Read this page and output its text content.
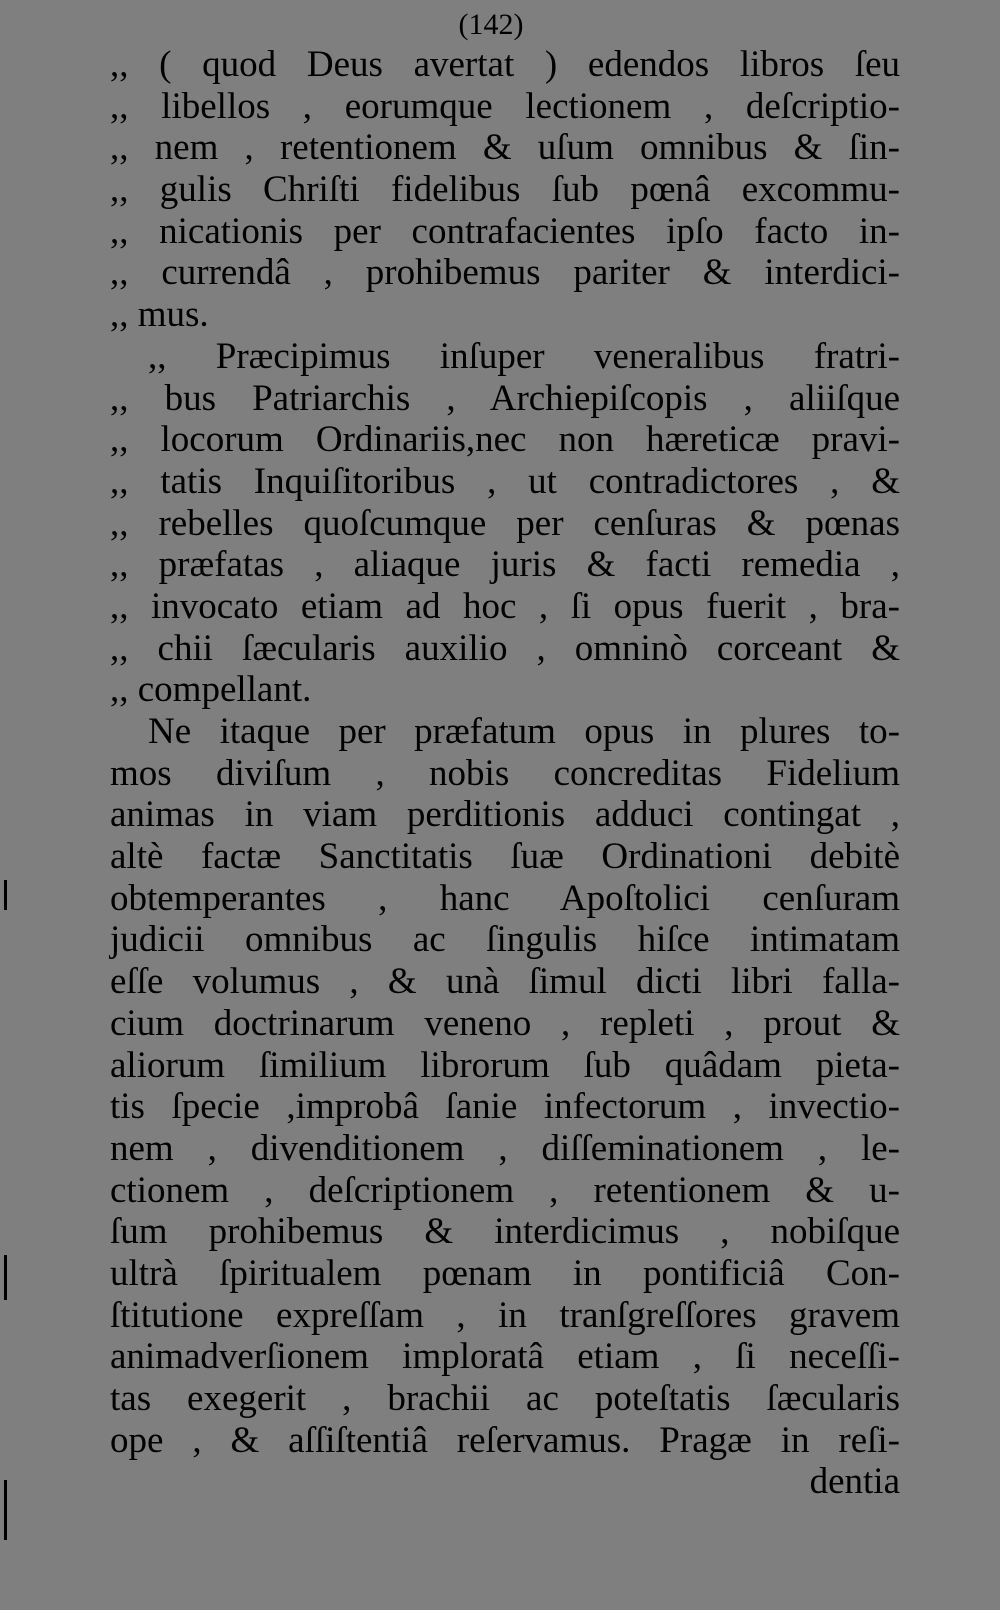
(142)
,, ( quod Deus avertat ) edendos libros ſeu
,, libellos , eorumque lectionem , deſcriptio-
,, nem , retentionem & uſum omnibus & ſin-
,, gulis Chriſti fidelibus ſub pœnâ excommu-
,, nicationis per contrafacientes ipſo facto in-
,, currendâ , prohibemus pariter & interdici-
,, mus.
,, Præcipimus inſuper veneralibus fratri-
,, bus Patriarchis , Archiepiſcopis , aliiſque
,, locorum Ordinariis,nec non hæreticæ pravi-
,, tatis Inquiſitoribus , ut contradictores , &
,, rebelles quoſcumque per cenſuras & pœnas
,, præfatas , aliaque juris & facti remedia ,
,, invocato etiam ad hoc , ſi opus fuerit , bra-
,, chii ſæcularis auxilio , omninò corceant &
,, compellant.
Ne itaque per præfatum opus in plures to-
mos diviſum , nobis concreditas Fidelium
animas in viam perditionis adduci contingat ,
altè factæ Sanctitatis ſuæ Ordinationi debitè
obtemperantes , hanc Apoſtolici cenſuram
judicii omnibus ac ſingulis hiſce intimatam
eſſe volumus , & unà ſimul dicti libri falla-
cium doctrinarum veneno , repleti , prout &
aliorum ſimilium librorum ſub quâdam pieta-
tis ſpecie ,improbâ ſanie infectorum , invectio-
nem , divenditionem , diſſeminationem , le-
ctionem , deſcriptionem , retentionem & u-
ſum prohibemus & interdicimus , nobiſque
ultrà ſpiritualem pœnam in pontificiâ Con-
ſtitutione expreſſam , in tranſgreſſores gravem
animadverſionem imploratâ etiam , ſi neceſſi-
tas exegerit , brachii ac poteſtatis ſæcularis
ope , & aſſiſtentiâ reſervamus. Pragæ in reſi-
dentia
